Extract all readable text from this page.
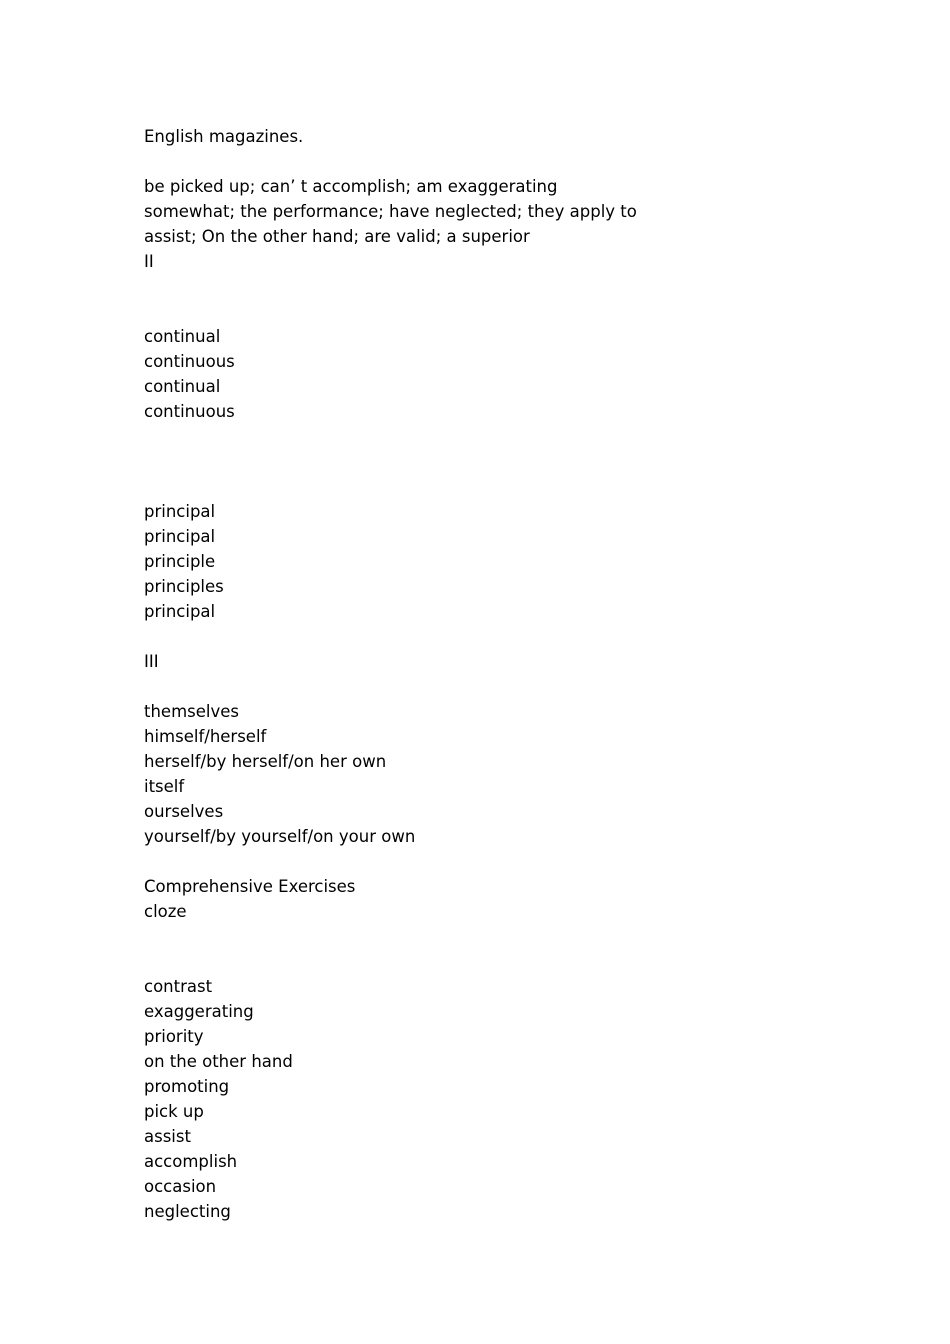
English magazines.
be picked up; can’ t accomplish; am exaggerating
somewhat; the performance; have neglected; they apply to
assist; On the other hand; are valid; a superior
II
continual
continuous
continual
continuous
principal
principal
principle
principles
principal
III
themselves
himself/herself
herself/by herself/on her own
itself
ourselves
yourself/by yourself/on your own
Comprehensive Exercises
cloze
contrast
exaggerating
priority
on the other hand
promoting
pick up
assist
accomplish
occasion
neglecting
